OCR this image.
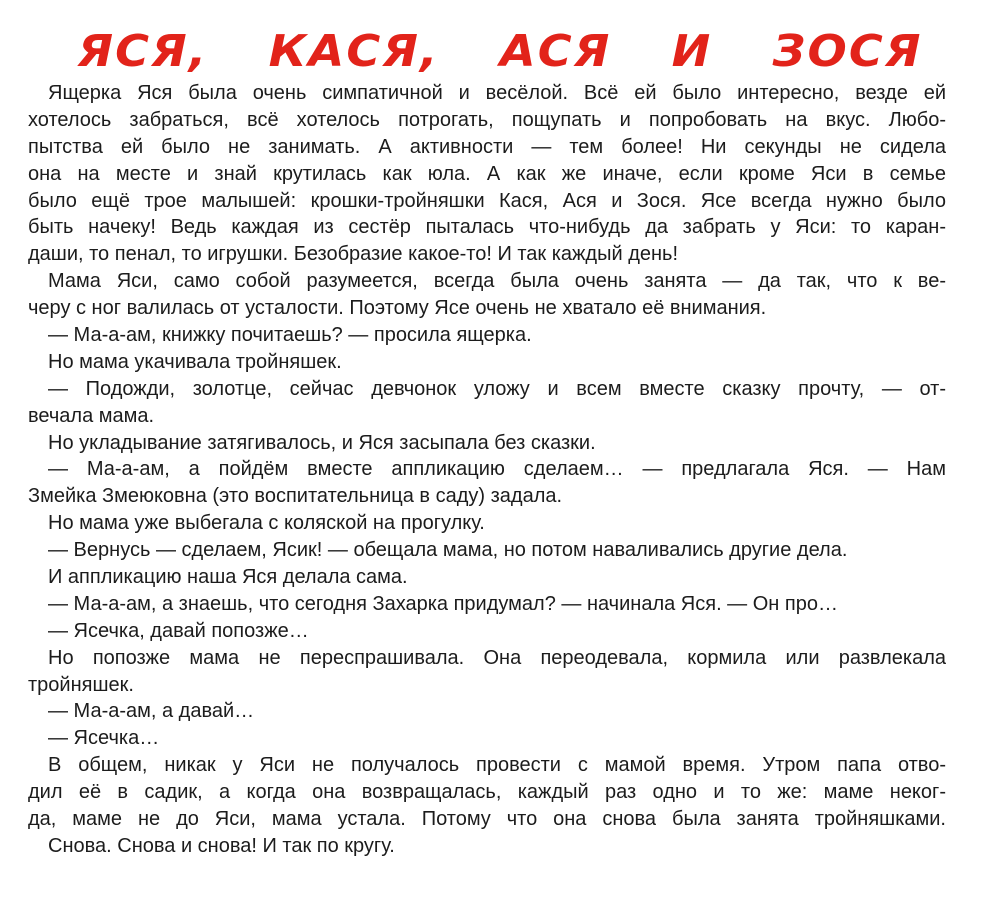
ЯСЯ, КАСЯ, АСЯ И ЗОСЯ
Ящерка Яся была очень симпатичной и весёлой. Всё ей было интересно, везде ей
хотелось забраться, всё хотелось потрогать, пощупать и попробовать на вкус. Любо-
пытства ей было не занимать. А активности — тем более! Ни секунды не сидела
она на месте и знай крутилась как юла. А как же иначе, если кроме Яси в семье
было ещё трое малышей: крошки-тройняшки Кася, Ася и Зося. Ясе всегда нужно было
быть начеку! Ведь каждая из сестёр пыталась что-нибудь да забрать у Яси: то каран-
даши, то пенал, то игрушки. Безобразие какое-то! И так каждый день!
Мама Яси, само собой разумеется, всегда была очень занята — да так, что к ве-
черу с ног валилась от усталости. Поэтому Ясе очень не хватало её внимания.
— Ма-а-ам, книжку почитаешь? — просила ящерка.
Но мама укачивала тройняшек.
— Подожди, золотце, сейчас девчонок уложу и всем вместе сказку прочту, — от-
вечала мама.
Но укладывание затягивалось, и Яся засыпала без сказки.
— Ма-а-ам, а пойдём вместе аппликацию сделаем… — предлагала Яся. — Нам
Змейка Змеюковна (это воспитательница в саду) задала.
Но мама уже выбегала с коляской на прогулку.
— Вернусь — сделаем, Ясик! — обещала мама, но потом наваливались другие дела.
И аппликацию наша Яся делала сама.
— Ма-а-ам, а знаешь, что сегодня Захарка придумал? — начинала Яся. — Он про…
— Ясечка, давай попозже…
Но попозже мама не переспрашивала. Она переодевала, кормила или развлекала
тройняшек.
— Ма-а-ам, а давай…
— Ясечка…
В общем, никак у Яси не получалось провести с мамой время. Утром папа отво-
дил её в садик, а когда она возвращалась, каждый раз одно и то же: маме неког-
да, маме не до Яси, мама устала. Потому что она снова была занята тройняшками.
Снова. Снова и снова! И так по кругу.
